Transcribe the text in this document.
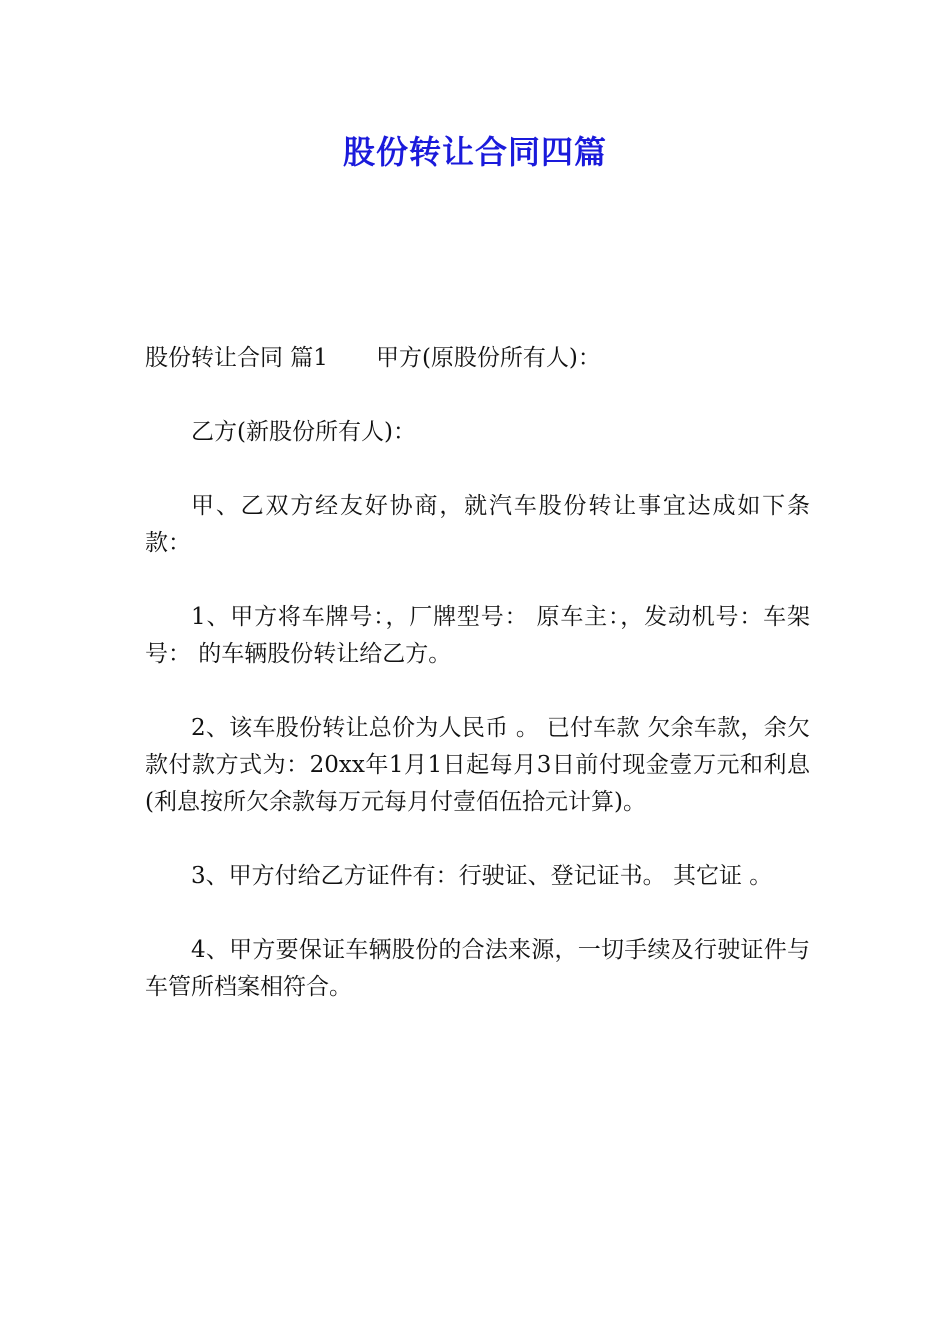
股份转让合同四篇

股份转让合同 篇1 甲方(原股份所有人)：

乙方(新股份所有人)：

甲、乙双方经友好协商，就汽车股份转让事宜达成如下条款：

1、甲方将车牌号：，厂牌型号： 原车主：，发动机号：车架号： 的车辆股份转让给乙方。

2、该车股份转让总价为人民币 。 已付车款 欠余车款，余欠款付款方式为：20xx年1月1日起每月3日前付现金壹万元和利息(利息按所欠余款每万元每月付壹佰伍拾元计算)。

3、甲方付给乙方证件有：行驶证、登记证书。 其它证 。

4、甲方要保证车辆股份的合法来源，一切手续及行驶证件与车管所档案相符合。
